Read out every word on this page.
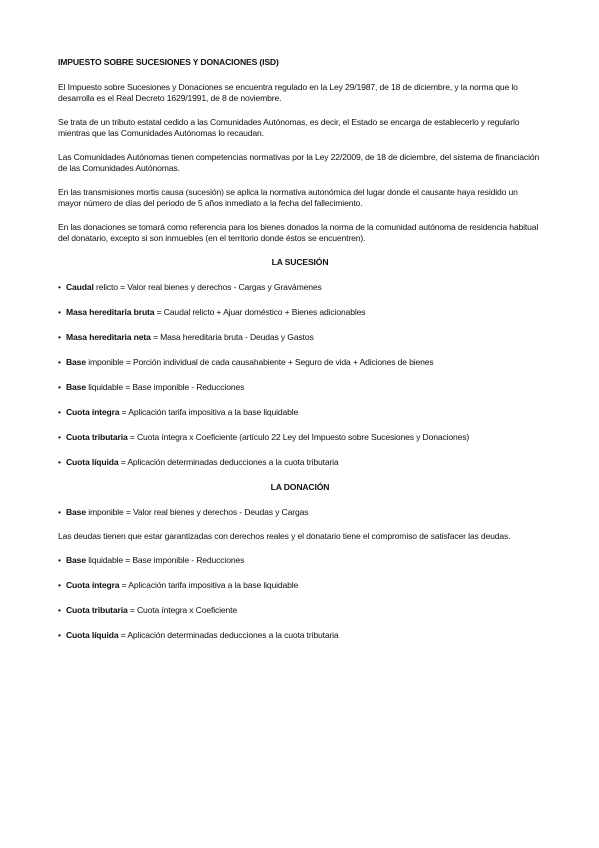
IMPUESTO SOBRE SUCESIONES Y DONACIONES (ISD)

El Impuesto sobre Sucesiones y Donaciones se encuentra regulado en la Ley 29/1987, de 18 de diciembre, y la norma que lo desarrolla es el Real Decreto 1629/1991, de 8 de noviembre.

Se trata de un tributo estatal cedido a las Comunidades Autónomas, es decir, el Estado se encarga de establecerlo y regularlo mientras que las Comunidades Autónomas lo recaudan.

Las Comunidades Autónomas tienen competencias normativas por la Ley 22/2009, de 18 de diciembre, del sistema de financiación de las Comunidades Autónomas.

En las transmisiones mortis causa (sucesión) se aplica la normativa autonómica del lugar donde el causante haya residido un mayor número de días del periodo de 5 años inmediato a la fecha del fallecimiento.

En las donaciones se tomará como referencia para los bienes donados la norma de la comunidad autónoma de residencia habitual del donatario, excepto si son inmuebles (en el territorio donde éstos se encuentren).

LA SUCESIÓN
• Caudal relicto = Valor real bienes y derechos - Cargas y Gravámenes
• Masa hereditaria bruta = Caudal relicto + Ajuar doméstico + Bienes adicionables
• Masa hereditaria neta = Masa hereditaria bruta - Deudas y Gastos
• Base imponible = Porción individual de cada causahabiente + Seguro de vida + Adiciones de bienes
• Base liquidable = Base imponible - Reducciones
• Cuota íntegra = Aplicación tarifa impositiva a la base liquidable
• Cuota tributaria = Cuota íntegra x Coeficiente (artículo 22 Ley del Impuesto sobre Sucesiones y Donaciones)
• Cuota líquida = Aplicación determinadas deducciones a la cuota tributaria
LA DONACIÓN
• Base imponible = Valor real bienes y derechos - Deudas y Cargas

Las deudas tienen que estar garantizadas con derechos reales y el donatario tiene el compromiso de satisfacer las deudas.

• Base liquidable = Base imponible - Reducciones
• Cuota íntegra = Aplicación tarifa impositiva a la base liquidable
• Cuota tributaria = Cuota íntegra x Coeficiente
• Cuota líquida = Aplicación determinadas deducciones a la cuota tributaria
